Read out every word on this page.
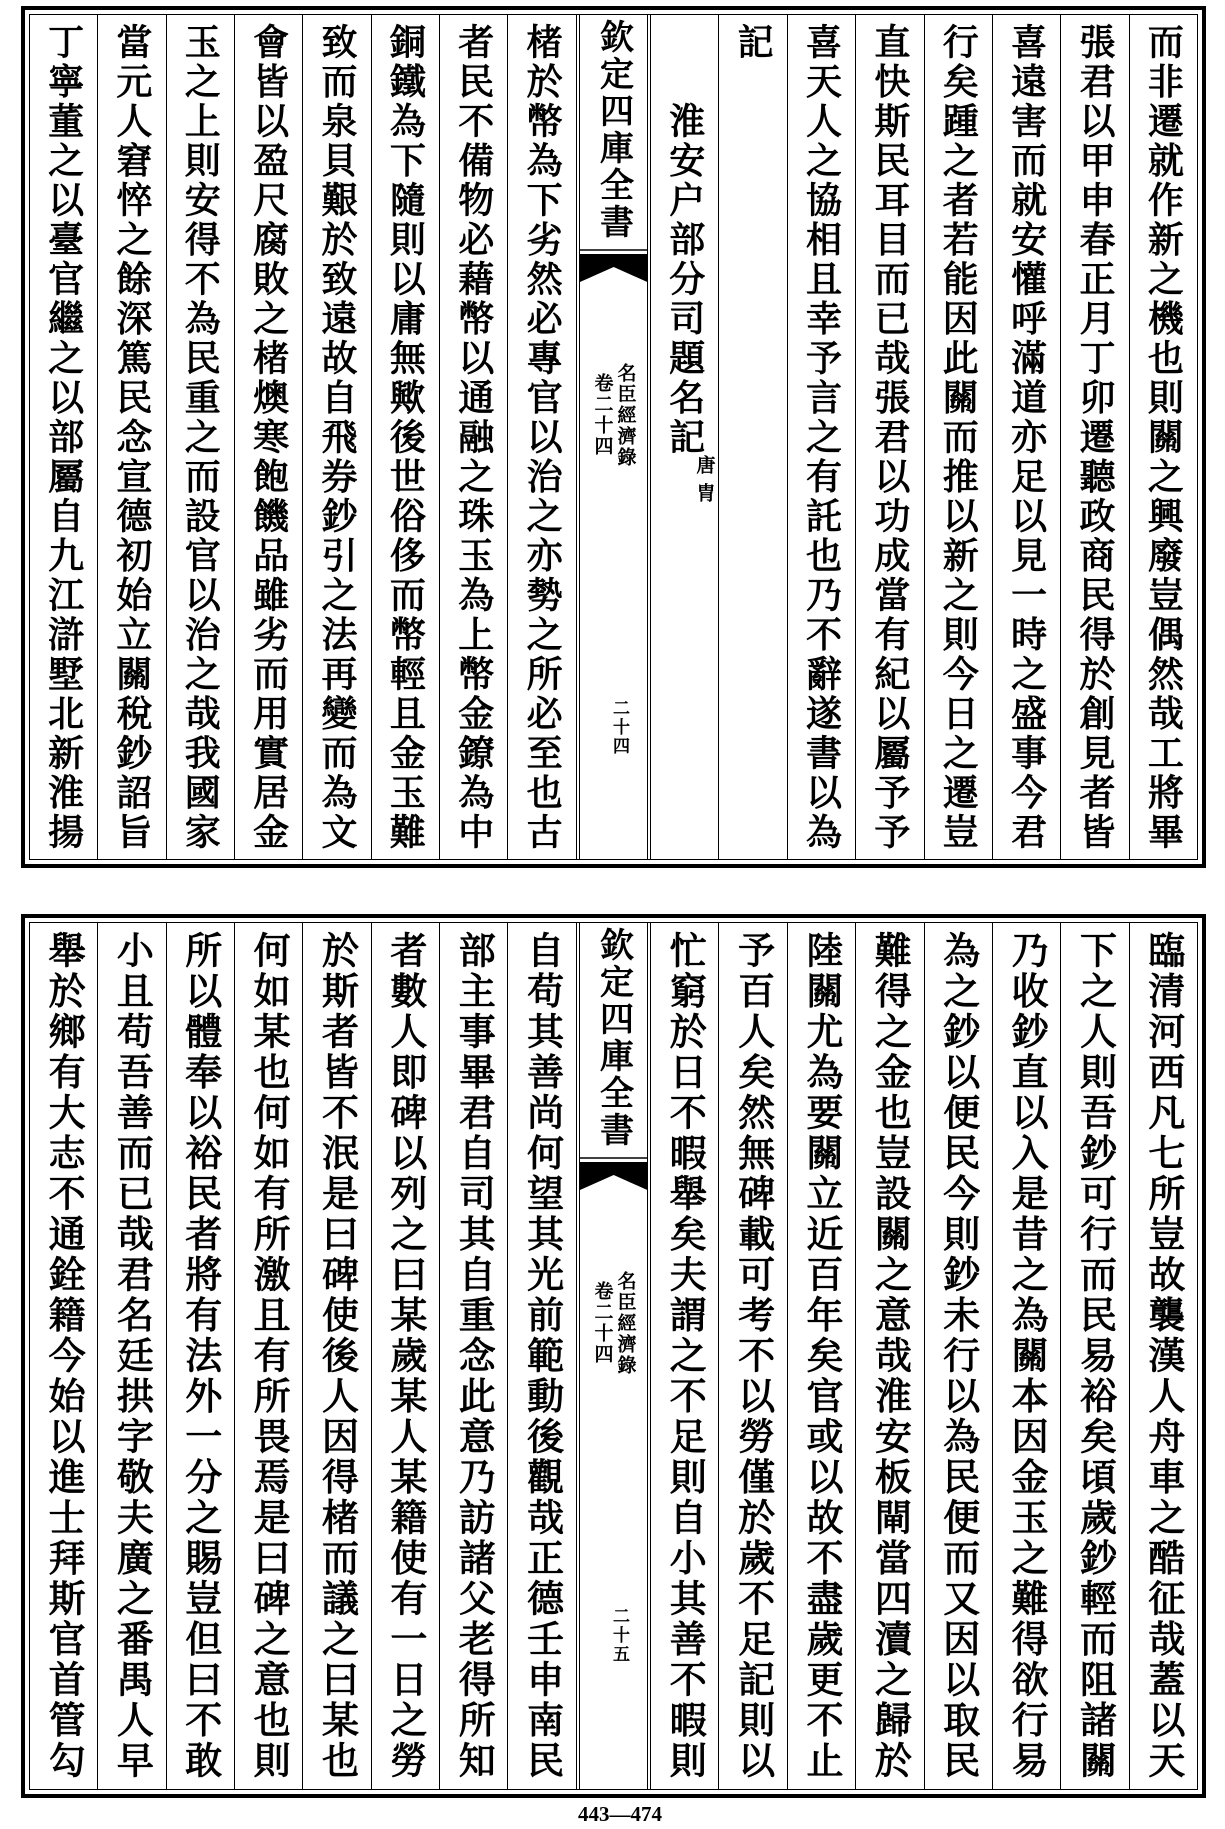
而非遷就作新之機也則關之興廢豈偶然哉工將畢
張君以甲申春正月丁卯遷聽政商民得於創見者皆
喜遠害而就安懽呼滿道亦足以見一時之盛事今君
行矣踵之者若能因此關而推以新之則今日之遷豈
直快斯民耳目而已哉張君以功成當有紀以屬予予
喜天人之協相且幸予言之有託也乃不辭遂書以為
記
淮安户部分司題名記
唐胄
欽定四庫全書
名臣經濟錄
卷二十四
二十四
楮於幣為下劣然必專官以治之亦勢之所必至也古
者民不備物必藉幣以通融之珠玉為上幣金鐐為中
銅鐵為下隨則以庸無歟後世俗侈而幣輕且金玉難
致而泉貝艱於致遠故自飛券鈔引之法再變而為文
會皆以盈尺腐敗之楮燠寒飽饑品雖劣而用實居金
玉之上則安得不為民重之而設官以治之哉我國家
當元人窘悴之餘深篤民念宣德初始立關稅鈔詔旨
丁寧董之以臺官繼之以部屬自九江滸墅北新淮揚
臨清河西凡七所豈故襲漢人舟車之酷征哉蓋以天
下之人則吾鈔可行而民易裕矣頃歲鈔輕而阻諸關
乃收鈔直以入是昔之為關本因金玉之難得欲行易
為之鈔以便民今則鈔未行以為民便而又因以取民
難得之金也豈設關之意哉淮安板閘當四瀆之歸於
陸關尤為要關立近百年矣官或以故不盡歲更不止
予百人矣然無碑載可考不以勞僅於歲不足記則以
忙窮於日不暇舉矣夫謂之不足則自小其善不暇則
欽定四庫全書
名臣經濟錄
卷二十四
二十五
自苟其善尚何望其光前範動後觀哉正德壬申南民
部主事畢君自司其自重念此意乃訪諸父老得所知
者數人即碑以列之曰某歲某人某籍使有一日之勞
於斯者皆不泯是曰碑使後人因得楮而議之曰某也
何如某也何如有所激且有所畏焉是曰碑之意也則
所以體奉以裕民者將有法外一分之賜豈但曰不敢
小且苟吾善而已哉君名廷拱字敬夫廣之番禺人早
舉於鄉有大志不通銓籍今始以進士拜斯官首管勾
443—474
